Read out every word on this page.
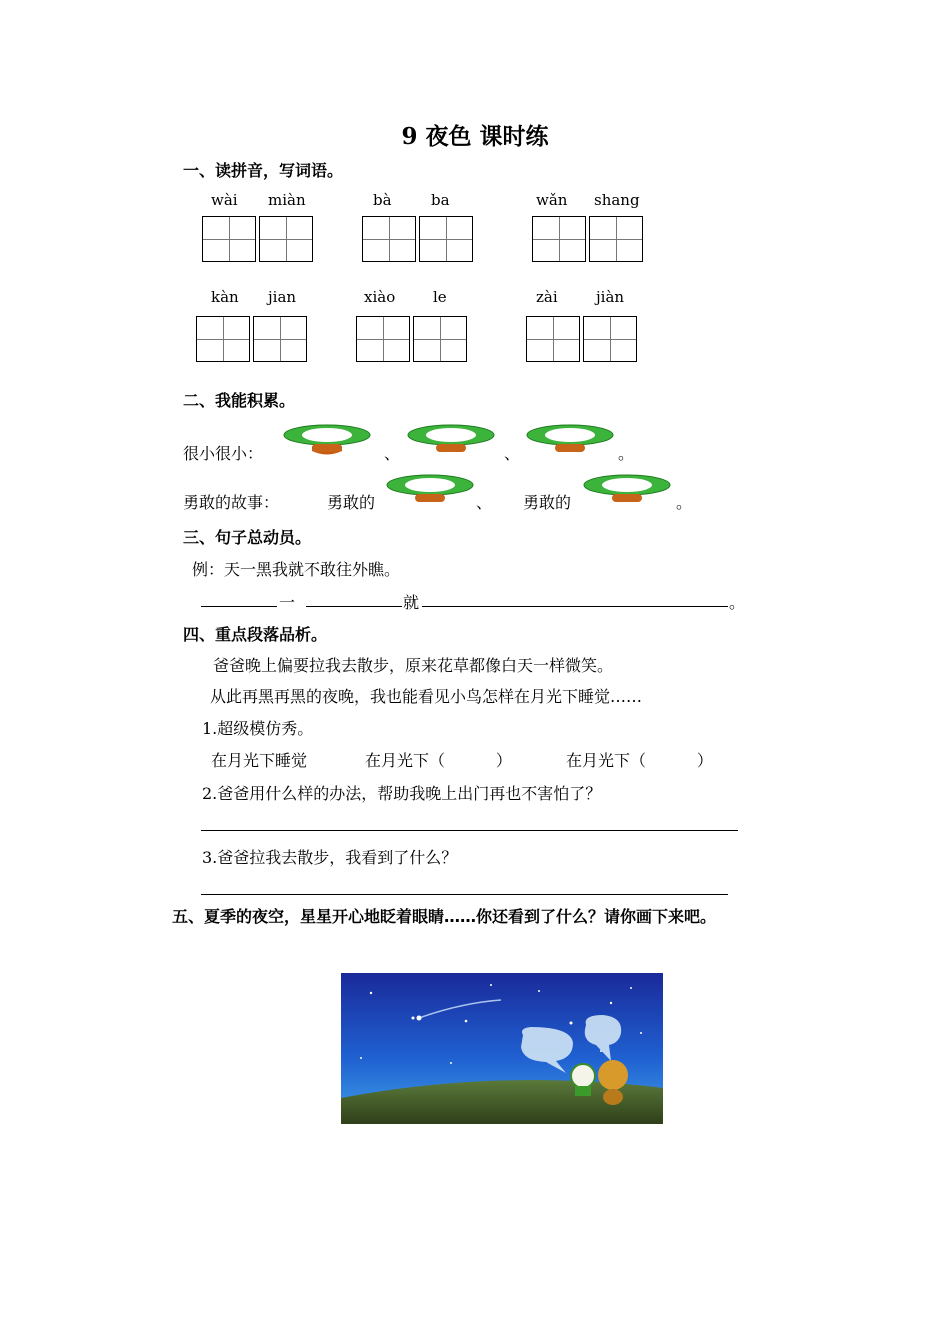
9 夜色 课时练
一、读拼音，写词语。
wài miàn	bà	ba	wǎn shang
kàn jian	xiào	le	zài	jiàn
二、我能积累。
很小很小：	、	、	。
勇敢的故事：	勇敢的	、 勇敢的	。
三、句子总动员。
例：天一黑我就不敢往外瞧。
一	就	。
四、重点段落品析。
爸爸晚上偏要拉我去散步，原来花草都像白天一样微笑。
从此再黑再黑的夜晚，我也能看见小鸟怎样在月光下睡觉……
1.超级模仿秀。
在月光下睡觉	在月光下（          ）	在月光下（          ）
2.爸爸用什么样的办法，帮助我晚上出门再也不害怕了？
3.爸爸拉我去散步，我看到了什么？
五、夏季的夜空，星星开心地眨着眼睛……你还看到了什么？请你画下来吧。
